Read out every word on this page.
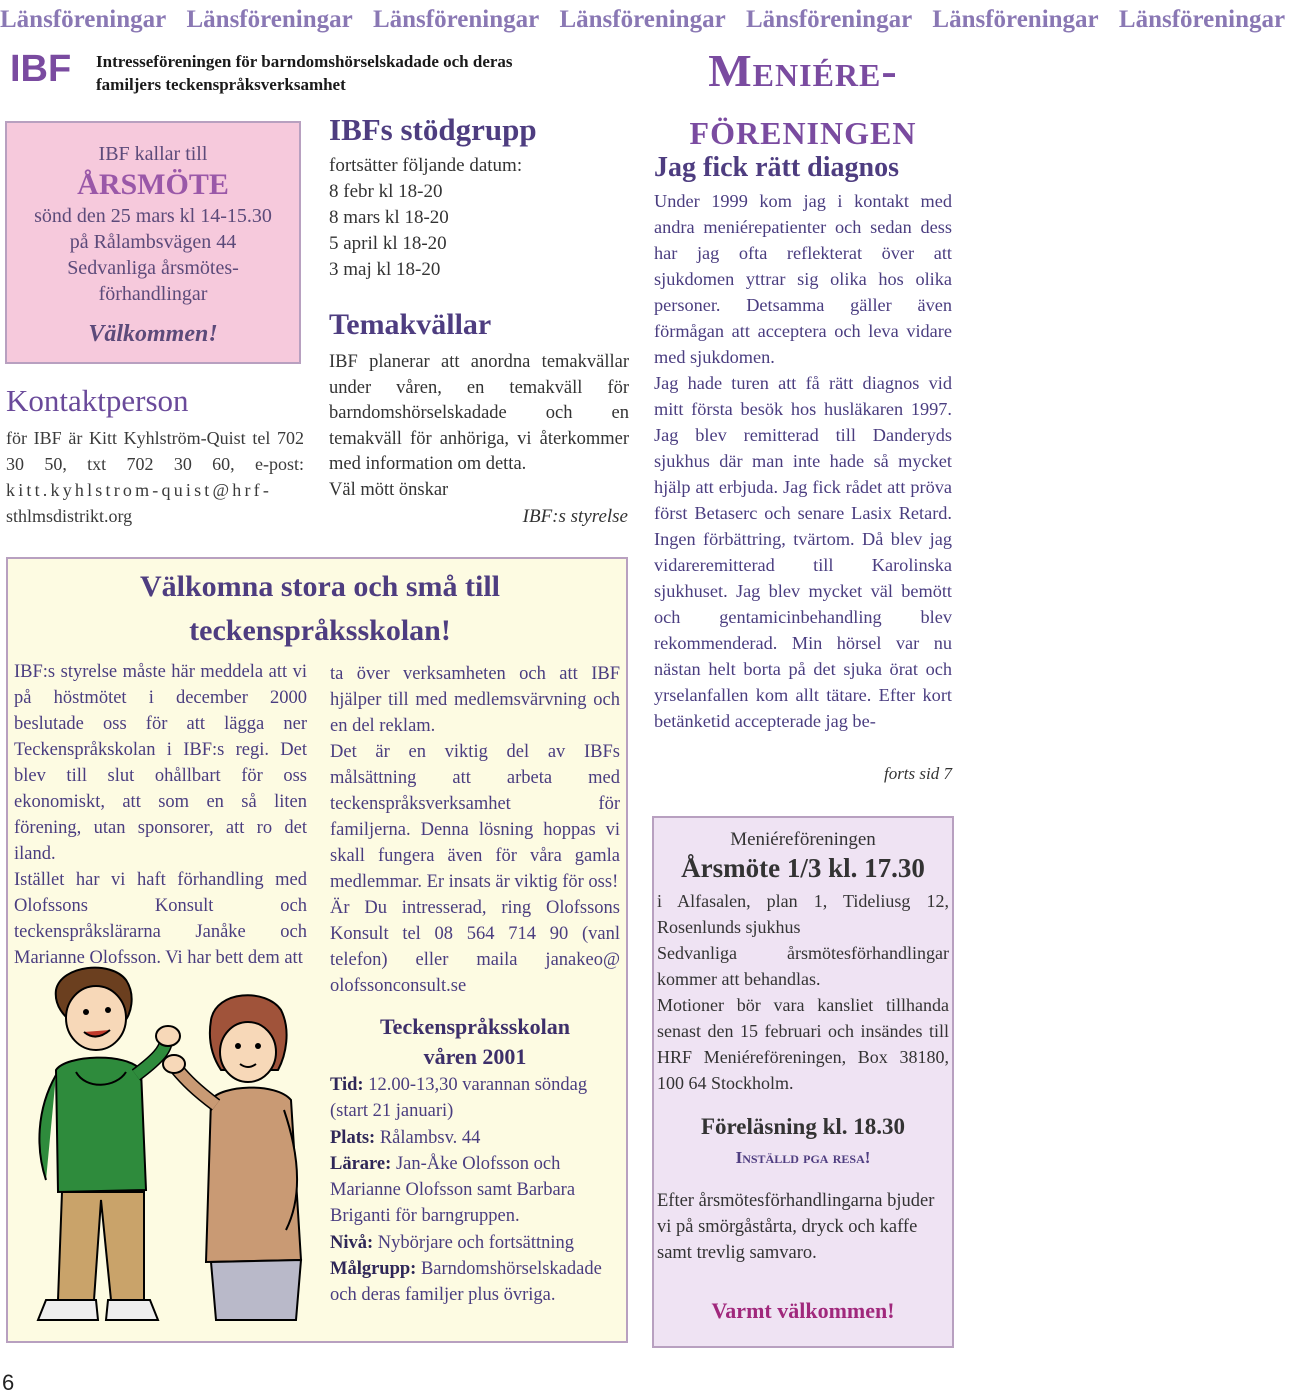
Länsföreningar Länsföreningar Länsföreningar Länsföreningar Länsföreningar Länsföreningar Länsföreningar
IBF Intresseföreningen för barndomshörselskadade och deras
familjers teckenspråksverksamhet
IBF kallar till
ÅRSMÖTE
sönd den 25 mars kl 14-15.30
på Rålambsvägen 44
Sedvanliga årsmötes-
förhandlingar
Välkommen!
Kontaktperson
för IBF är Kitt Kyhlström-Quist tel 702 30 50, txt 702 30 60, e-post: kitt.kyhlstrom-quist@hrf- sthlmsdistrikt.org
IBFs stödgrupp
fortsätter följande datum:
8 febr kl 18-20
8 mars kl 18-20
5 april kl 18-20
3 maj kl 18-20
Temakvällar
IBF planerar att anordna temakvällar under våren, en temakväll för barndomshörselskadade och en temakväll för anhöriga, vi återkommer med information om detta.
Väl mött önskar
IBF:s styrelse
Välkomna stora och små till
teckenspråksskolan!
IBF:s styrelse måste här meddela att vi på höstmötet i december 2000 beslutade oss för att lägga ner Teckenspråkskolan i IBF:s regi. Det blev till slut ohållbart för oss ekonomiskt, att som en så liten förening, utan sponsorer, att ro det iland.
Istället har vi haft förhandling med Olofssons Konsult och teckenspråkslärarna Janåke och Marianne Olofsson. Vi har bett dem att
ta över verksamheten och att IBF hjälper till med medlemsvärvning och en del reklam.
Det är en viktig del av IBFs målsättning att arbeta med teckenspråksverksamhet för familjerna. Denna lösning hoppas vi skall fungera även för våra gamla medlemmar. Er insats är viktig för oss!
Är Du intresserad, ring Olofssons Konsult tel 08 564 714 90 (vanl telefon) eller maila janakeo@ olofssonconsult.se
Teckenspråksskolan
våren 2001
Tid: 12.00-13,30 varannan söndag (start 21 januari)
Plats: Rålambsv. 44
Lärare: Jan-Åke Olofsson och Marianne Olofsson samt Barbara Briganti för barngruppen.
Nivå: Nybörjare och fortsättning
Målgrupp: Barndomshörselskadade och deras familjer plus övriga.
Meniére-
föreningen
Jag fick rätt diagnos
Under 1999 kom jag i kontakt med andra meniérepatienter och sedan dess har jag ofta reflekterat över att sjukdomen yttrar sig olika hos olika personer. Detsamma gäller även förmågan att acceptera och leva vidare med sjukdomen.
Jag hade turen att få rätt diagnos vid mitt första besök hos husläkaren 1997. Jag blev remitterad till Danderyds sjukhus där man inte hade så mycket hjälp att erbjuda. Jag fick rådet att pröva först Betaserc och senare Lasix Retard. Ingen förbättring, tvärtom. Då blev jag vidareremitterad till Karolinska sjukhuset. Jag blev mycket väl bemött och gentamicinbehandling blev rekommenderad. Min hörsel var nu nästan helt borta på det sjuka örat och yrselanfallen kom allt tätare. Efter kort betänketid accepterade jag be-
forts sid 7
Meniéreföreningen
Årsmöte 1/3 kl. 17.30
i Alfasalen, plan 1, Tideliusg 12, Rosenlunds sjukhus
Sedvanliga årsmötesförhandlingar kommer att behandlas.
Motioner bör vara kansliet tillhanda senast den 15 februari och insändes till HRF Meniéreföreningen, Box 38180, 100 64 Stockholm.
Föreläsning kl. 18.30
Inställd pga resa!
Efter årsmötesförhandlingarna bjuder vi på smörgåstårta, dryck och kaffe samt trevlig samvaro.
Varmt välkommen!
6
